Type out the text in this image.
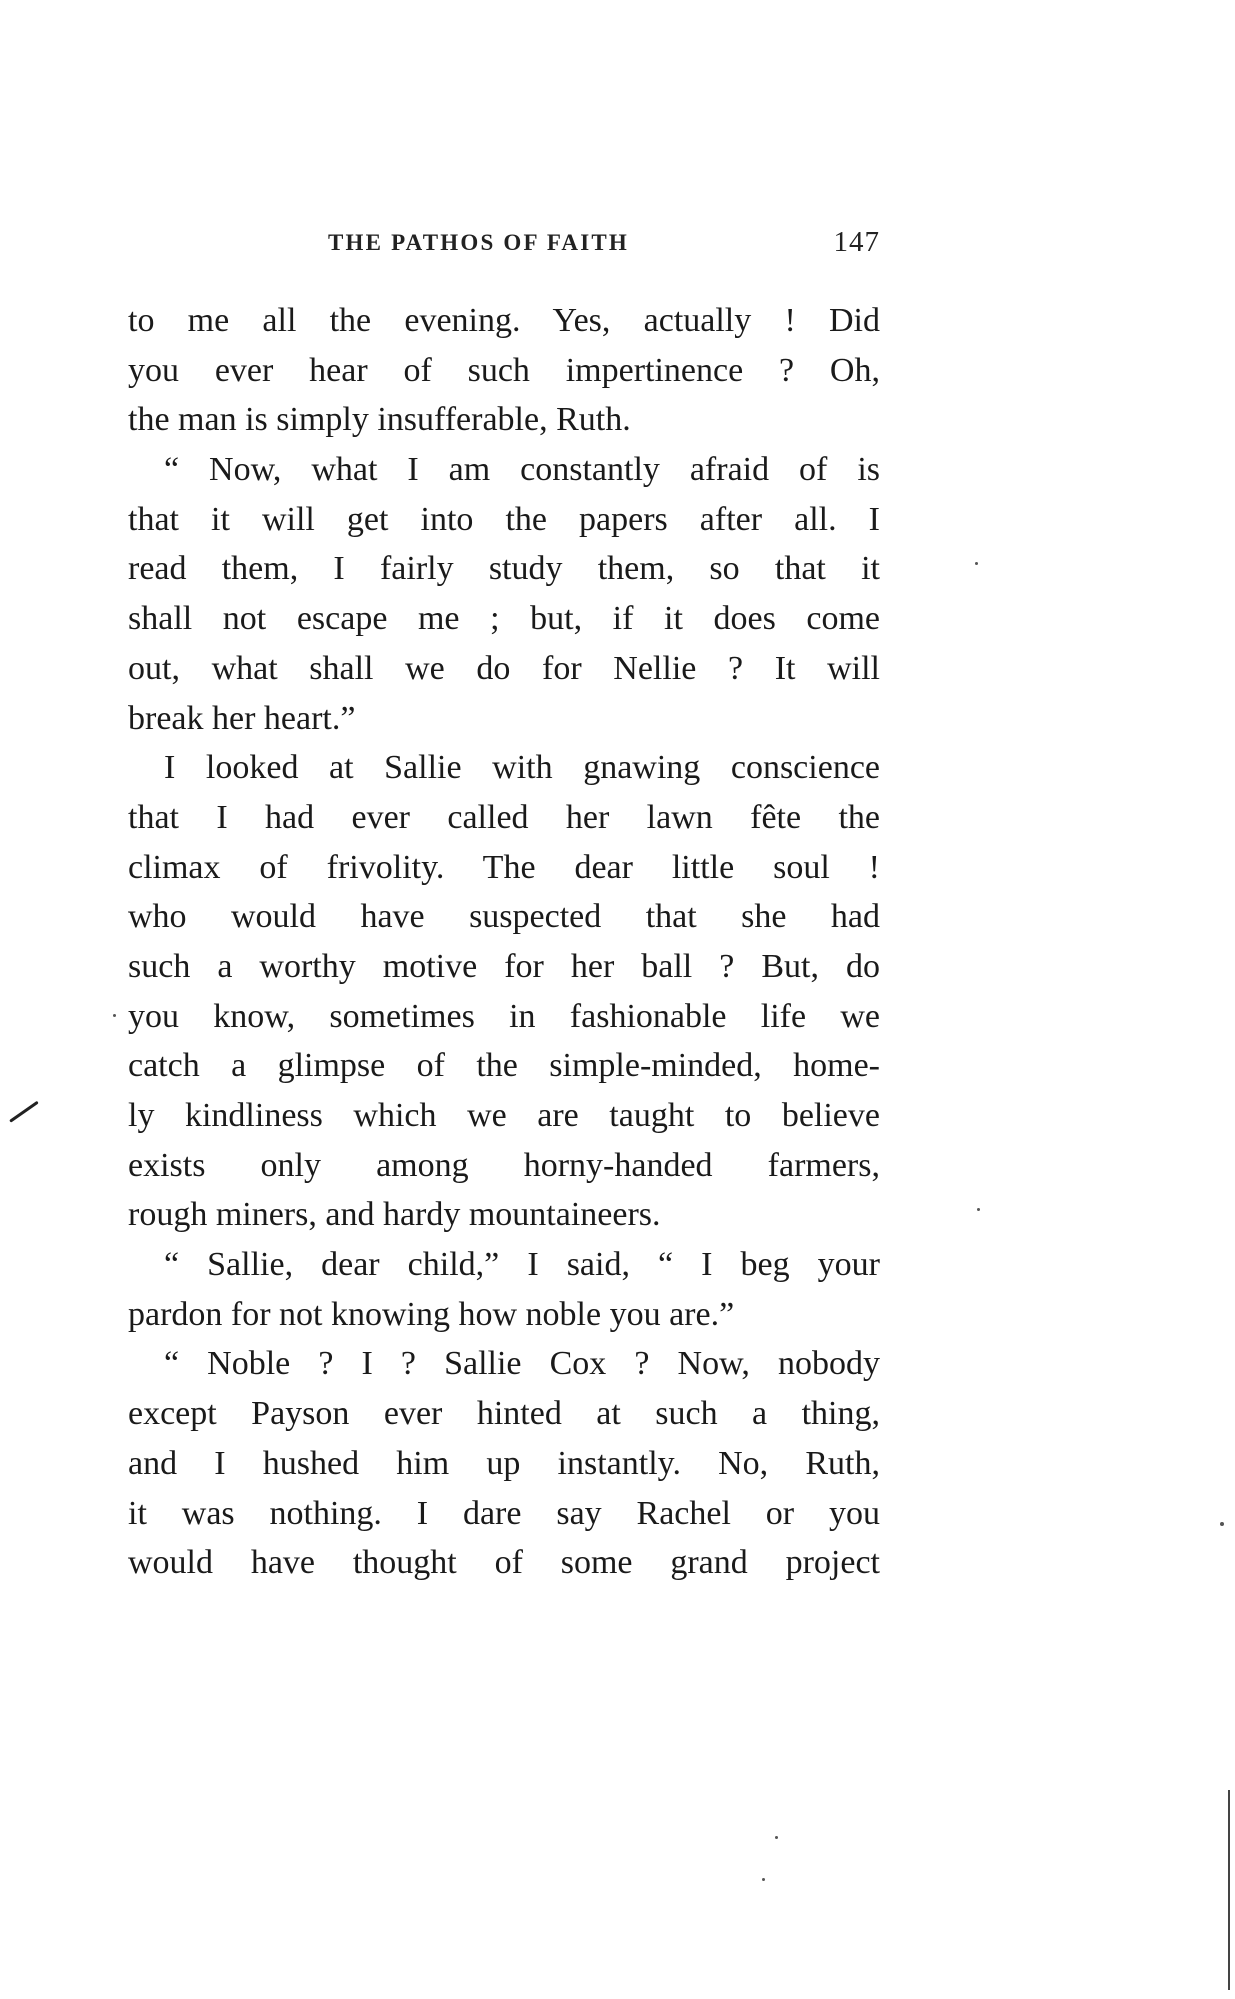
THE PATHOS OF FAITH	147
to me all the evening. Yes, actually ! Did
you ever hear of such impertinence ? Oh,
the man is simply insufferable, Ruth.
“ Now, what I am constantly afraid of is
that it will get into the papers after all. I
read them, I fairly study them, so that it
shall not escape me ; but, if it does come
out, what shall we do for Nellie ? It will
break her heart.”
I looked at Sallie with gnawing conscience
that I had ever called her lawn fête the
climax of frivolity. The dear little soul !
who would have suspected that she had
such a worthy motive for her ball ? But, do
you know, sometimes in fashionable life we
catch a glimpse of the simple-minded, home-
ly kindliness which we are taught to believe
exists only among horny-handed farmers,
rough miners, and hardy mountaineers.
“ Sallie, dear child,” I said, “ I beg your
pardon for not knowing how noble you are.”
“ Noble ? I ? Sallie Cox ? Now, nobody
except Payson ever hinted at such a thing,
and I hushed him up instantly. No, Ruth,
it was nothing. I dare say Rachel or you
would have thought of some grand project
